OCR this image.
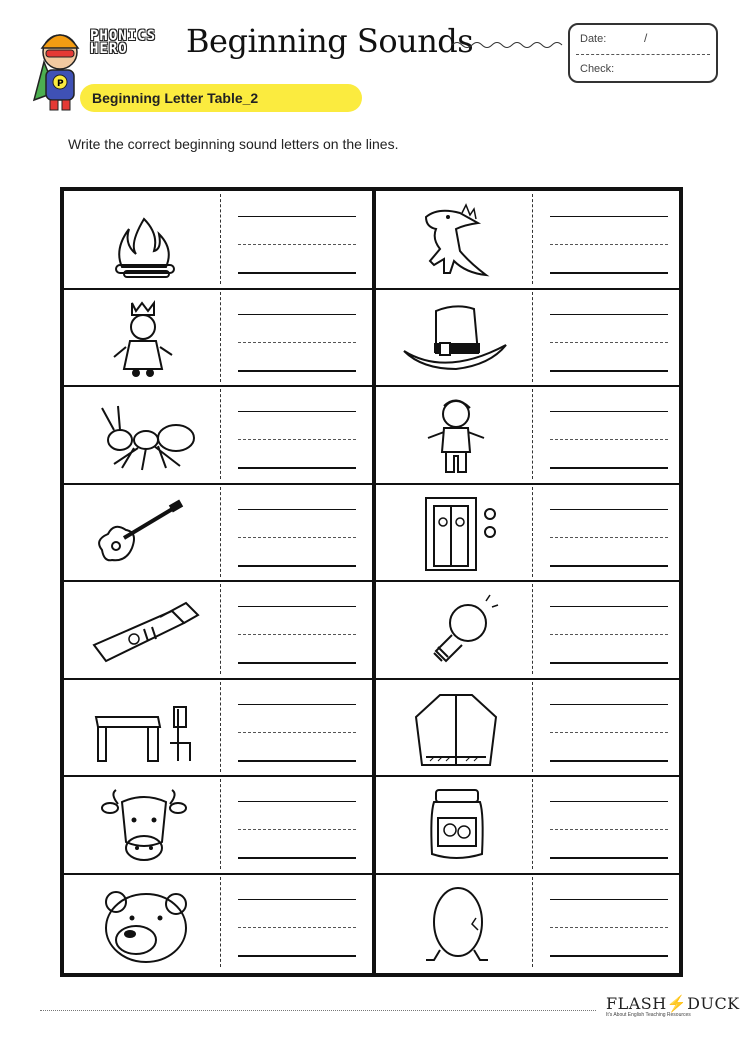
P
PHONICS
HERO	Beginning Sounds
Beginning Letter Table_2
Date:	/
Check:
Write the correct beginning sound letters on the lines.
FLASH⚡DUCK
It's About English Teaching Resources
